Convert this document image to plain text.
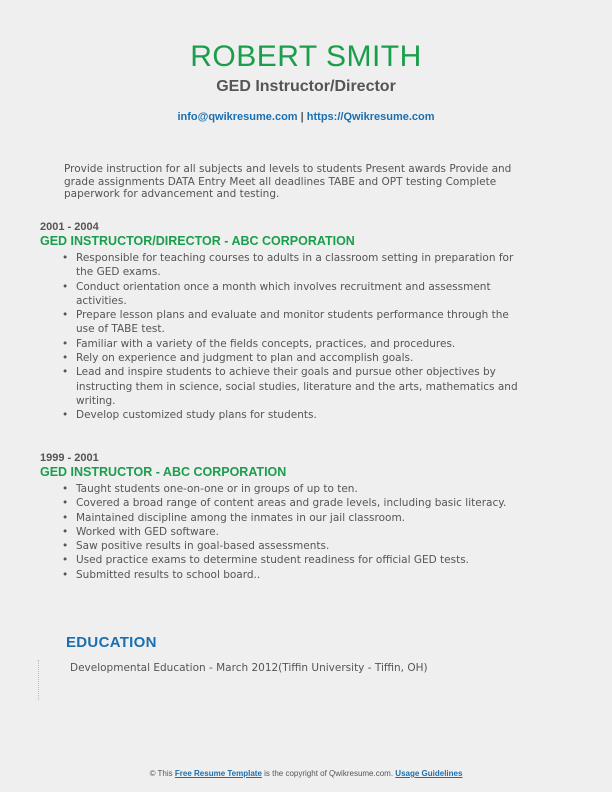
ROBERT SMITH
GED Instructor/Director
info@qwikresume.com | https://Qwikresume.com
Provide instruction for all subjects and levels to students Present awards Provide and grade assignments DATA Entry Meet all deadlines TABE and OPT testing Complete paperwork for advancement and testing.
2001 - 2004
GED INSTRUCTOR/DIRECTOR - ABC CORPORATION
• Responsible for teaching courses to adults in a classroom setting in preparation for the GED exams.
• Conduct orientation once a month which involves recruitment and assessment activities.
• Prepare lesson plans and evaluate and monitor students performance through the use of TABE test.
• Familiar with a variety of the fields concepts, practices, and procedures.
• Rely on experience and judgment to plan and accomplish goals.
• Lead and inspire students to achieve their goals and pursue other objectives by instructing them in science, social studies, literature and the arts, mathematics and writing.
• Develop customized study plans for students.
1999 - 2001
GED INSTRUCTOR - ABC CORPORATION
• Taught students one-on-one or in groups of up to ten.
• Covered a broad range of content areas and grade levels, including basic literacy.
• Maintained discipline among the inmates in our jail classroom.
• Worked with GED software.
• Saw positive results in goal-based assessments.
• Used practice exams to determine student readiness for official GED tests.
• Submitted results to school board..
EDUCATION
Developmental Education - March 2012(Tiffin University - Tiffin, OH)
© This Free Resume Template is the copyright of Qwikresume.com. Usage Guidelines
